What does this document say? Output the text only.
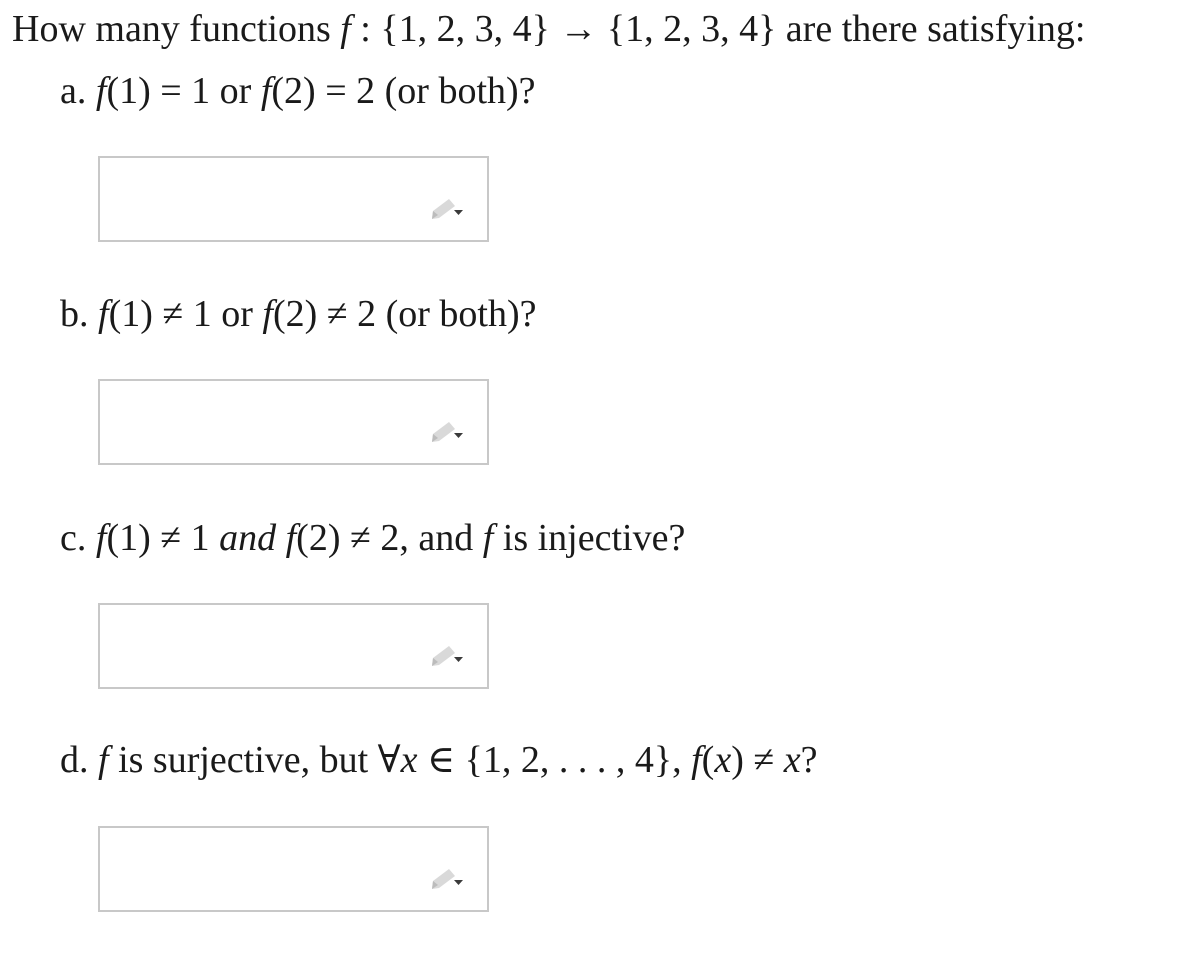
How many functions f : {1, 2, 3, 4} → {1, 2, 3, 4} are there satisfying:
a. f(1) = 1 or f(2) = 2 (or both)?
b. f(1) ≠ 1 or f(2) ≠ 2 (or both)?
c. f(1) ≠ 1 and f(2) ≠ 2, and f is injective?
d. f is surjective, but ∀x ∈ {1, 2, . . . , 4}, f(x) ≠ x?
